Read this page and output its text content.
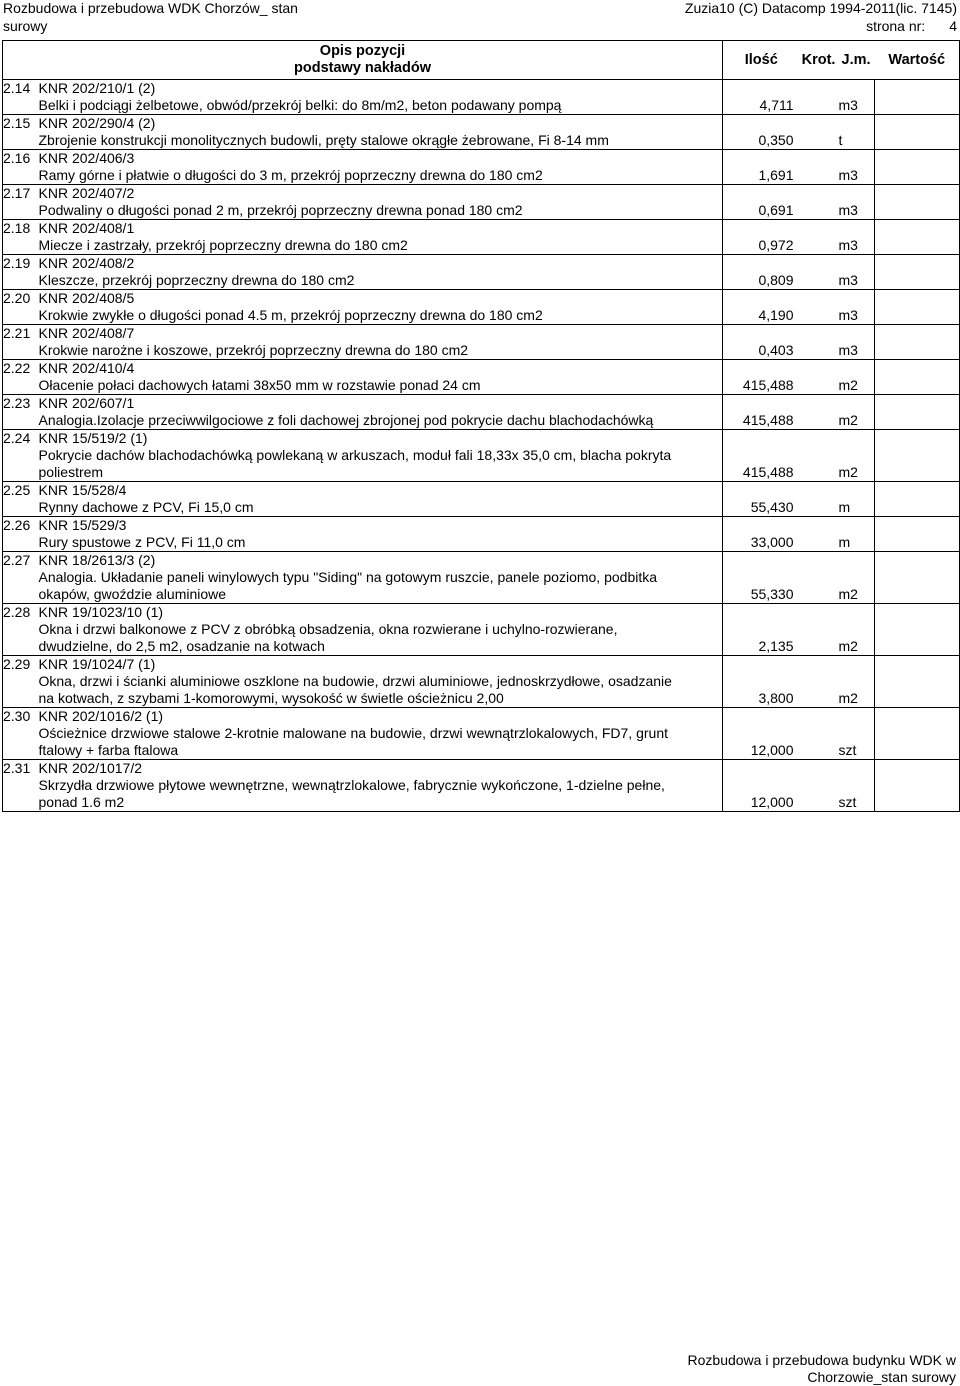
Rozbudowa i przebudowa WDK Chorzów_ stan
surowy
Zuzia10 (C) Datacomp 1994-2011(lic. 7145)
strona nr: 4
Opis pozycji
podstawy nakładów		Ilość	Krot.	J.m.	Wartość
2.14	KNR 202/210/1 (2)				

	Belki i podciągi żelbetowe, obwód/przekrój belki: do 8m/m2, beton podawany pompą	4,711		m3	
2.15	KNR 202/290/4 (2)				

	Zbrojenie konstrukcji monolitycznych budowli, pręty stalowe okrągłe żebrowane, Fi 8-14 mm	0,350		t	
2.16	KNR 202/406/3				

	Ramy górne i płatwie o długości do 3 m, przekrój poprzeczny drewna do 180 cm2	1,691		m3	
2.17	KNR 202/407/2				

	Podwaliny o długości ponad 2 m, przekrój poprzeczny drewna ponad 180 cm2	0,691		m3	
2.18	KNR 202/408/1				

	Miecze i zastrzały, przekrój poprzeczny drewna do 180 cm2	0,972		m3	
2.19	KNR 202/408/2				

	Kleszcze, przekrój poprzeczny drewna do 180 cm2	0,809		m3	
2.20	KNR 202/408/5				

	Krokwie zwykłe o długości ponad 4.5 m, przekrój poprzeczny drewna do 180 cm2	4,190		m3	
2.21	KNR 202/408/7				

	Krokwie narożne i koszowe, przekrój poprzeczny drewna do 180 cm2	0,403		m3	
2.22	KNR 202/410/4				

	Ołacenie połaci dachowych łatami 38x50 mm w rozstawie ponad 24 cm	415,488		m2	
2.23	KNR 202/607/1				

	Analogia.Izolacje przeciwwilgociowe z foli dachowej zbrojonej pod pokrycie dachu blachodachówką	415,488		m2	
2.24	KNR 15/519/2 (1)				

	Pokrycie dachów blachodachówką powlekaną w arkuszach, moduł fali 18,33x 35,0 cm, blacha pokryta
poliestrem	415,488		m2	
2.25	KNR 15/528/4				

	Rynny dachowe z PCV, Fi 15,0 cm	55,430		m	
2.26	KNR 15/529/3				

	Rury spustowe z PCV, Fi 11,0 cm	33,000		m	
2.27	KNR 18/2613/3 (2)				

	Analogia. Układanie paneli winylowych typu "Siding" na gotowym ruszcie, panele poziomo, podbitka
okapów, gwoździe aluminiowe	55,330		m2	
2.28	KNR 19/1023/10 (1)				

	Okna i drzwi balkonowe z PCV z obróbką obsadzenia, okna rozwierane i uchylno-rozwierane,
dwudzielne, do 2,5 m2, osadzanie na kotwach	2,135		m2	
2.29	KNR 19/1024/7 (1)				

	Okna, drzwi i ścianki aluminiowe oszklone na budowie, drzwi aluminiowe, jednoskrzydłowe, osadzanie
na kotwach, z szybami 1-komorowymi, wysokość w świetle ościeżnicu 2,00	3,800		m2	
2.30	KNR 202/1016/2 (1)				

	Ościeżnice drzwiowe stalowe 2-krotnie malowane na budowie, drzwi wewnątrzlokalowych, FD7, grunt
ftalowy + farba ftalowa	12,000		szt	
2.31	KNR 202/1017/2				

	Skrzydła drzwiowe płytowe wewnętrzne, wewnątrzlokalowe, fabrycznie wykończone, 1-dzielne pełne,
ponad 1.6 m2	12,000		szt	
Rozbudowa i przebudowa budynku WDK w
Chorzowie_stan surowy
